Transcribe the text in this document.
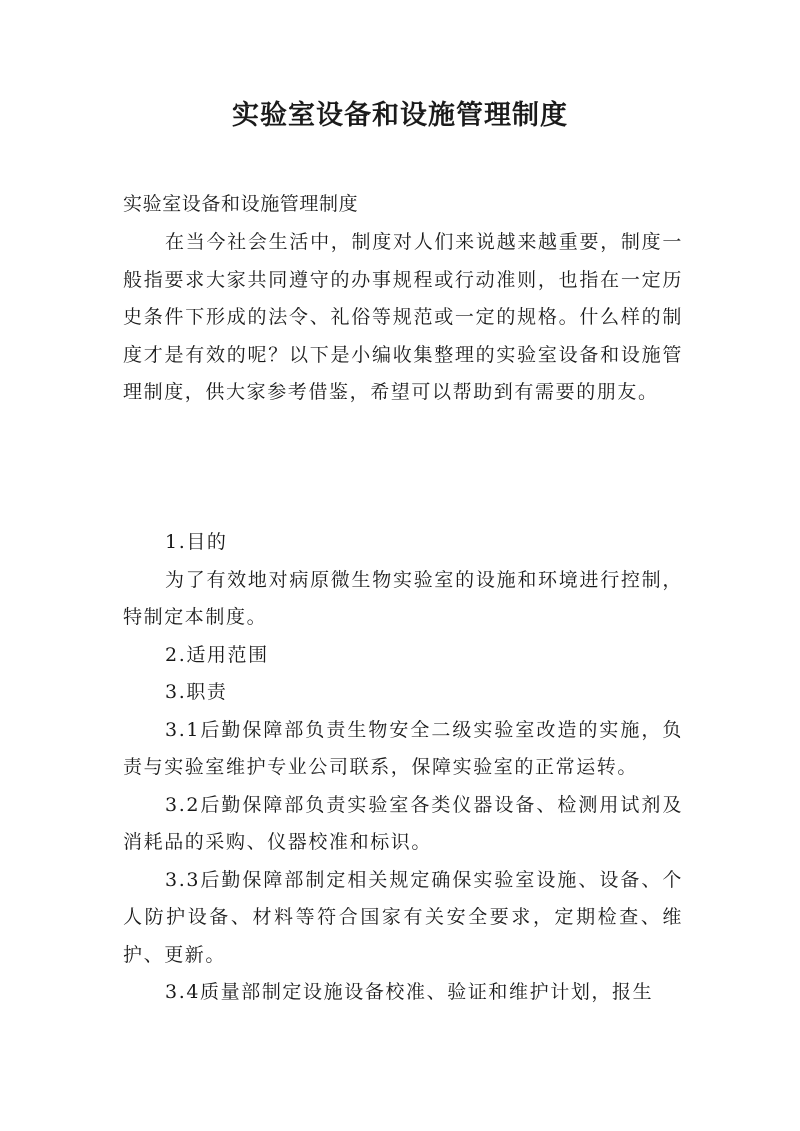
实验室设备和设施管理制度
实验室设备和设施管理制度

在当今社会生活中，制度对人们来说越来越重要，制度一般指要求大家共同遵守的办事规程或行动准则，也指在一定历史条件下形成的法令、礼俗等规范或一定的规格。什么样的制度才是有效的呢？以下是小编收集整理的实验室设备和设施管理制度，供大家参考借鉴，希望可以帮助到有需要的朋友。

1.目的

为了有效地对病原微生物实验室的设施和环境进行控制，特制定本制度。

2.适用范围

3.职责

3.1后勤保障部负责生物安全二级实验室改造的实施，负责与实验室维护专业公司联系，保障实验室的正常运转。

3.2后勤保障部负责实验室各类仪器设备、检测用试剂及消耗品的采购、仪器校准和标识。

3.3后勤保障部制定相关规定确保实验室设施、设备、个人防护设备、材料等符合国家有关安全要求，定期检查、维护、更新。

3.4质量部制定设施设备校准、验证和维护计划，报生
